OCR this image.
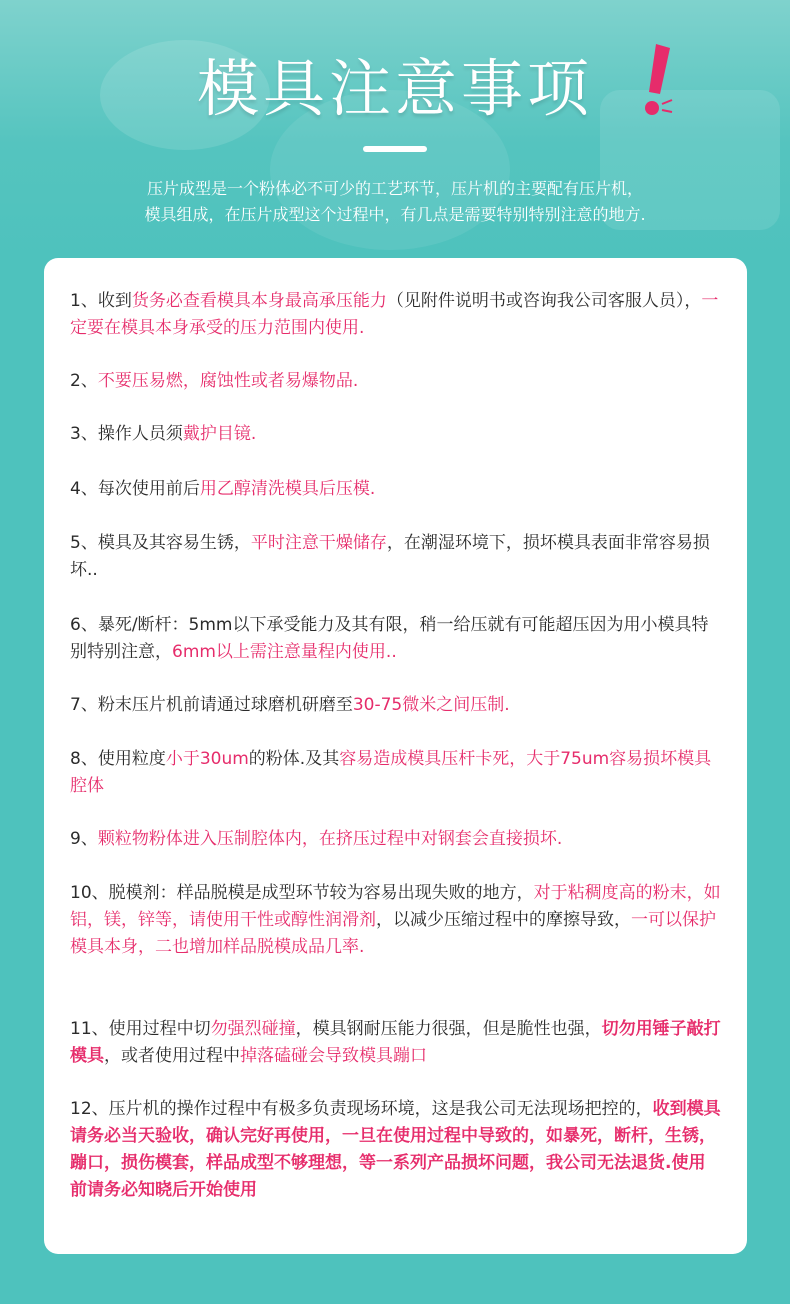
模具注意事项
压片成型是一个粉体必不可少的工艺环节，压片机的主要配有压片机，
模具组成，在压片成型这个过程中，有几点是需要特别特别注意的地方.

1、收到货务必查看模具本身最高承压能力（见附件说明书或咨询我公司客服人员），一定要在模具本身承受的压力范围内使用.

2、不要压易燃，腐蚀性或者易爆物品.

3、操作人员须戴护目镜.

4、每次使用前后用乙醇清洗模具后压模.

5、模具及其容易生锈，平时注意干燥储存，在潮湿环境下，损坏模具表面非常容易损坏..

6、暴死/断杆：5mm以下承受能力及其有限，稍一给压就有可能超压因为用小模具特别特别注意，6mm以上需注意量程内使用..

7、粉末压片机前请通过球磨机研磨至30-75微米之间压制.

8、使用粒度小于30um的粉体.及其容易造成模具压杆卡死，大于75um容易损坏模具腔体

9、颗粒物粉体进入压制腔体内，在挤压过程中对钢套会直接损坏.

10、脱模剂：样品脱模是成型环节较为容易出现失败的地方，对于粘稠度高的粉末，如铝，镁，锌等，请使用干性或醇性润滑剂，以减少压缩过程中的摩擦导致，一可以保护模具本身，二也增加样品脱模成品几率.

11、使用过程中切勿强烈碰撞，模具钢耐压能力很强，但是脆性也强，切勿用锤子敲打模具，或者使用过程中掉落磕碰会导致模具蹦口

12、压片机的操作过程中有极多负责现场环境，这是我公司无法现场把控的，收到模具请务必当天验收，确认完好再使用，一旦在使用过程中导致的，如暴死，断杆，生锈，蹦口，损伤模套，样品成型不够理想，等一系列产品损坏问题，我公司无法退货.使用前请务必知晓后开始使用
